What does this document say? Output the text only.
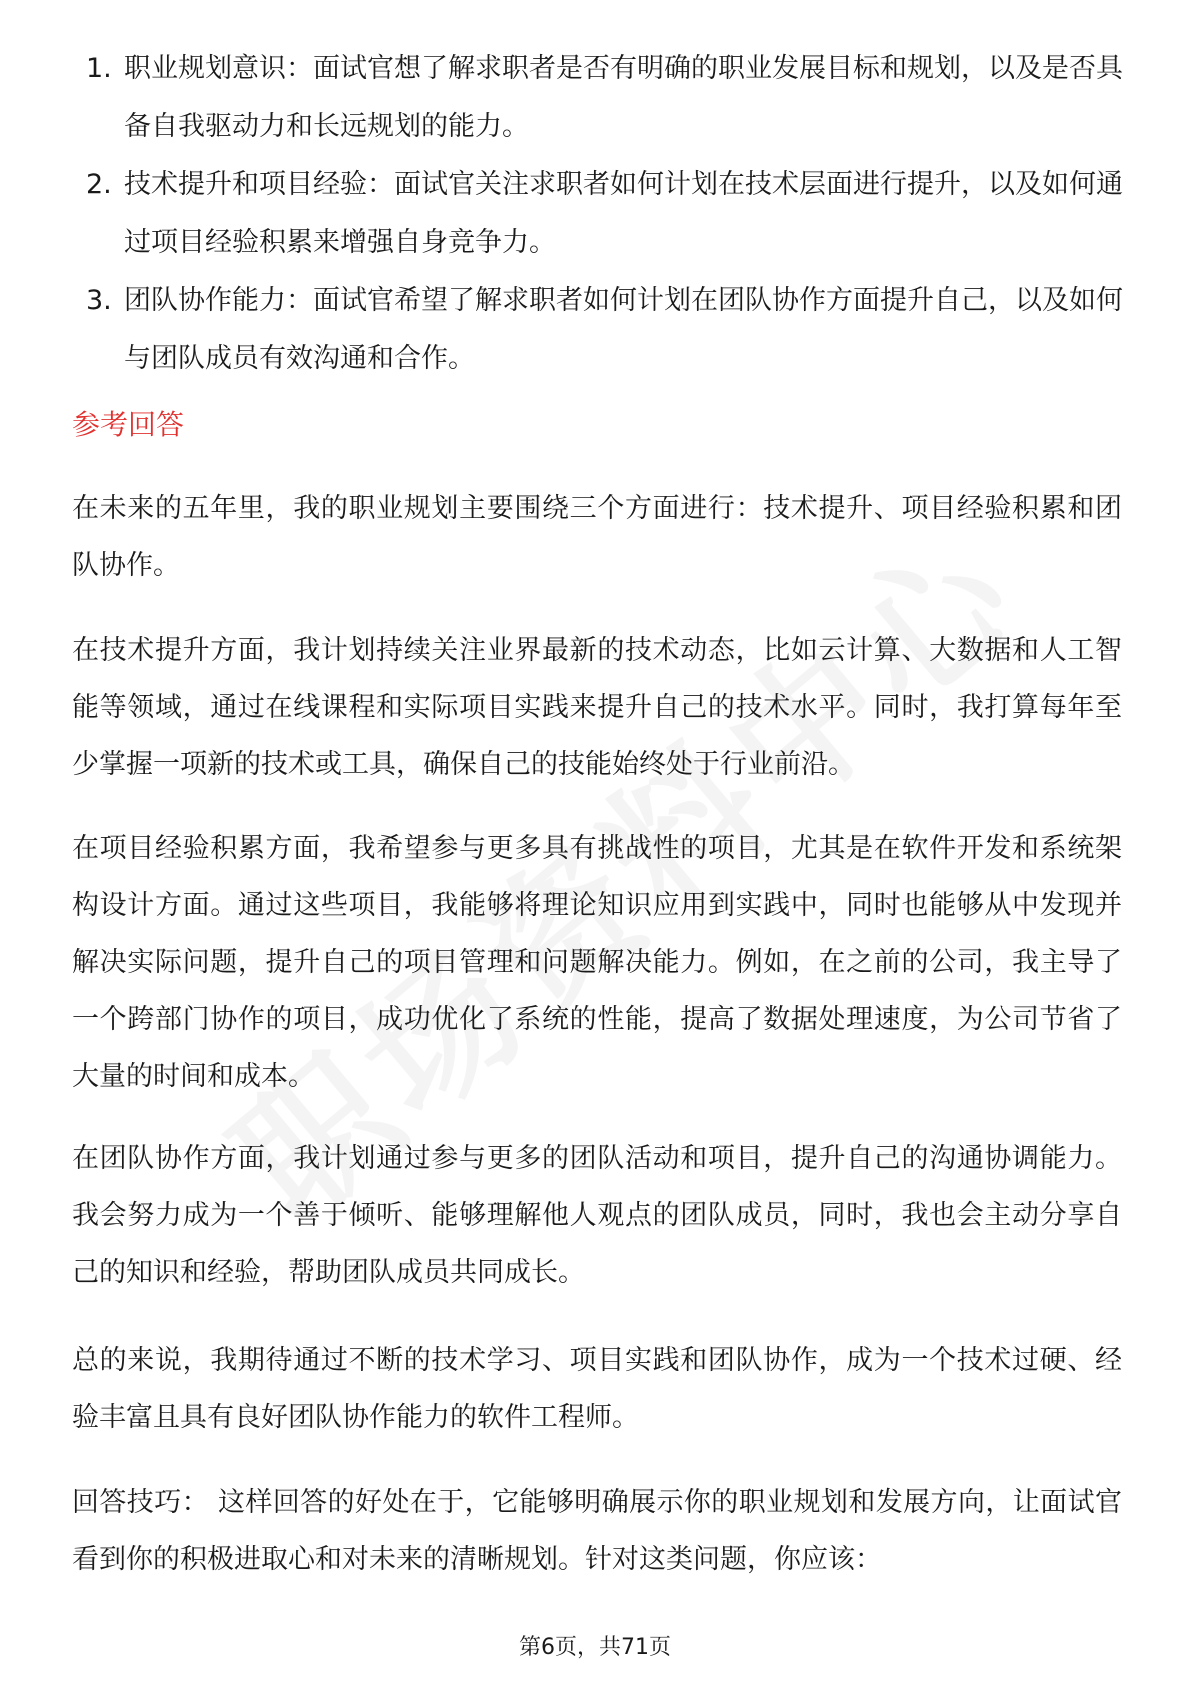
1. 职业规划意识：面试官想了解求职者是否有明确的职业发展目标和规划，以及是否具备自我驱动力和长远规划的能力。
2. 技术提升和项目经验：面试官关注求职者如何计划在技术层面进行提升，以及如何通过项目经验积累来增强自身竞争力。
3. 团队协作能力：面试官希望了解求职者如何计划在团队协作方面提升自己，以及如何与团队成员有效沟通和合作。
参考回答

在未来的五年里，我的职业规划主要围绕三个方面进行：技术提升、项目经验积累和团队协作。

在技术提升方面，我计划持续关注业界最新的技术动态，比如云计算、大数据和人工智能等领域，通过在线课程和实际项目实践来提升自己的技术水平。同时，我打算每年至少掌握一项新的技术或工具，确保自己的技能始终处于行业前沿。

在项目经验积累方面，我希望参与更多具有挑战性的项目，尤其是在软件开发和系统架构设计方面。通过这些项目，我能够将理论知识应用到实践中，同时也能够从中发现并解决实际问题，提升自己的项目管理和问题解决能力。例如，在之前的公司，我主导了一个跨部门协作的项目，成功优化了系统的性能，提高了数据处理速度，为公司节省了大量的时间和成本。

在团队协作方面，我计划通过参与更多的团队活动和项目，提升自己的沟通协调能力。我会努力成为一个善于倾听、能够理解他人观点的团队成员，同时，我也会主动分享自己的知识和经验，帮助团队成员共同成长。

总的来说，我期待通过不断的技术学习、项目实践和团队协作，成为一个技术过硬、经验丰富且具有良好团队协作能力的软件工程师。

回答技巧： 这样回答的好处在于，它能够明确展示你的职业规划和发展方向，让面试官看到你的积极进取心和对未来的清晰规划。针对这类问题，你应该：

第6页，共71页
